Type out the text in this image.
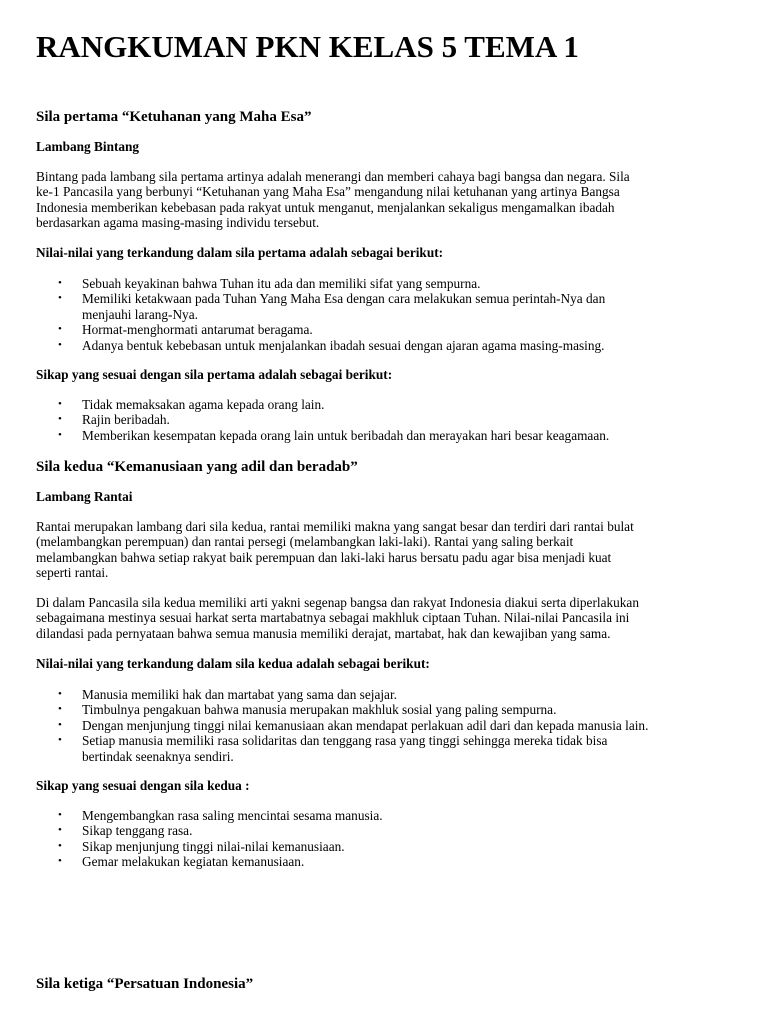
RANGKUMAN PKN KELAS 5 TEMA 1
Sila pertama “Ketuhanan yang Maha Esa”
Lambang Bintang
Bintang pada lambang sila pertama artinya adalah menerangi dan memberi cahaya bagi bangsa dan negara. Sila
ke-1 Pancasila yang berbunyi “Ketuhanan yang Maha Esa” mengandung nilai ketuhanan yang artinya Bangsa
Indonesia memberikan kebebasan pada rakyat untuk menganut, menjalankan sekaligus mengamalkan ibadah
berdasarkan agama masing-masing individu tersebut.
Nilai-nilai yang terkandung dalam sila pertama adalah sebagai berikut:
• Sebuah keyakinan bahwa Tuhan itu ada dan memiliki sifat yang sempurna.
• Memiliki ketakwaan pada Tuhan Yang Maha Esa dengan cara melakukan semua perintah-Nya dan
menjauhi larang-Nya.
• Hormat-menghormati antarumat beragama.
• Adanya bentuk kebebasan untuk menjalankan ibadah sesuai dengan ajaran agama masing-masing.
Sikap yang sesuai dengan sila pertama adalah sebagai berikut:
• Tidak memaksakan agama kepada orang lain.
• Rajin beribadah.
• Memberikan kesempatan kepada orang lain untuk beribadah dan merayakan hari besar keagamaan.
Sila kedua “Kemanusiaan yang adil dan beradab”
Lambang Rantai
Rantai merupakan lambang dari sila kedua, rantai memiliki makna yang sangat besar dan terdiri dari rantai bulat
(melambangkan perempuan) dan rantai persegi (melambangkan laki-laki). Rantai yang saling berkait
melambangkan bahwa setiap rakyat baik perempuan dan laki-laki harus bersatu padu agar bisa menjadi kuat
seperti rantai.
Di dalam Pancasila sila kedua memiliki arti yakni segenap bangsa dan rakyat Indonesia diakui serta diperlakukan
sebagaimana mestinya sesuai harkat serta martabatnya sebagai makhluk ciptaan Tuhan. Nilai-nilai Pancasila ini
dilandasi pada pernyataan bahwa semua manusia memiliki derajat, martabat, hak dan kewajiban yang sama.
Nilai-nilai yang terkandung dalam sila kedua adalah sebagai berikut:
• Manusia memiliki hak dan martabat yang sama dan sejajar.
• Timbulnya pengakuan bahwa manusia merupakan makhluk sosial yang paling sempurna.
• Dengan menjunjung tinggi nilai kemanusiaan akan mendapat perlakuan adil dari dan kepada manusia lain.
• Setiap manusia memiliki rasa solidaritas dan tenggang rasa yang tinggi sehingga mereka tidak bisa
bertindak seenaknya sendiri.
Sikap yang sesuai dengan sila kedua :
• Mengembangkan rasa saling mencintai sesama manusia.
• Sikap tenggang rasa.
• Sikap menjunjung tinggi nilai-nilai kemanusiaan.
• Gemar melakukan kegiatan kemanusiaan.
Sila ketiga “Persatuan Indonesia”
